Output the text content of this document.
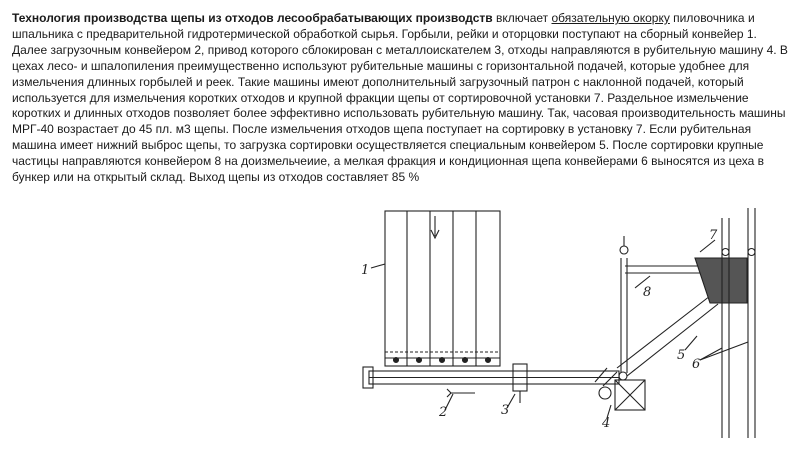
Технология производства щепы из отходов лесообрабатывающих производств включает обязательную окорку пиловочника и шпальника с предварительной гидротермической обработкой сырья. Горбыли, рейки и оторцовки поступают на сборный конвейер 1. Далее загрузочным конвейером 2, привод которого сблокирован с металлоискателем 3, отходы направляются в рубительную машину 4. В цехах лесо- и шпалопиления преимущественно используют рубительные машины с горизонтальной подачей, которые удобнее для измельчения длинных горбылей и реек. Такие машины имеют дополнительный загрузочный патрон с наклонной подачей, который используется для измельчения коротких отходов и крупной фракции щепы от сортировочной установки 7. Раздельное измельчение коротких и длинных отходов позволяет более эффективно использовать рубительную машину. Так, часовая производительность машины МРГ-40 возрастает до 45 пл. м3 щепы. После измельчения отходов щепа поступает на сортировку в установку 7. Если рубительная машина имеет нижний выброс щепы, то загрузка сортировки осуществляется специальным конвейером 5. После сортировки крупные частицы направляются конвейером 8 на доизмельчеиие, а мелкая фракция и кондиционная щепа конвейерами 6 выносятся из цеха в бункер или на открытый склад. Выход щепы из отходов составляет 85 %
1
2	3
4
5
6
7
8
